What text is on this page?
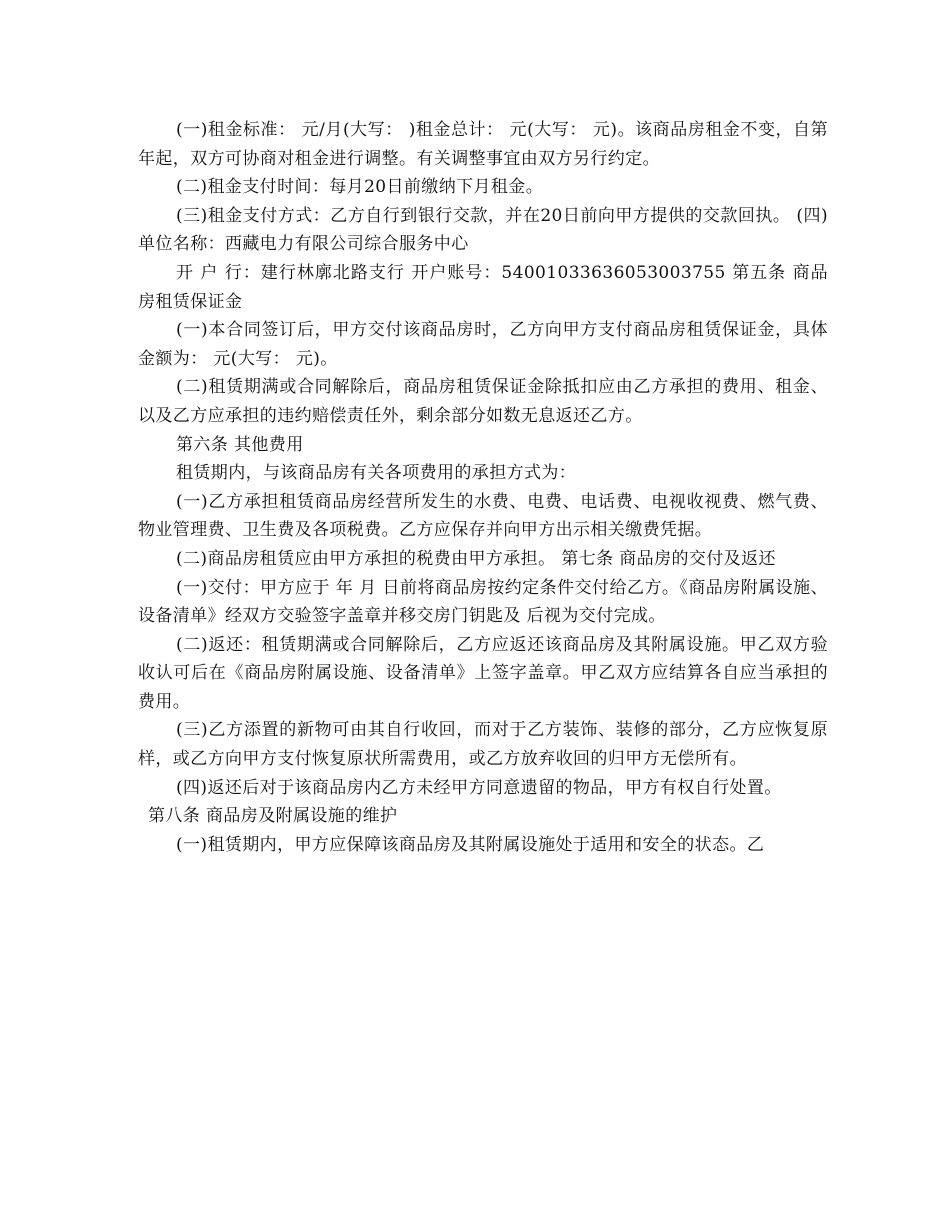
(一)租金标准： 元/月(大写： )租金总计： 元(大写： 元)。该商品房租金不变，自第 年起，双方可协商对租金进行调整。有关调整事宜由双方另行约定。

(二)租金支付时间：每月20日前缴纳下月租金。

(三)租金支付方式：乙方自行到银行交款，并在20日前向甲方提供的交款回执。 (四)单位名称：西藏电力有限公司综合服务中心

开 户 行：建行林廓北路支行 开户账号：54001033636053003755 第五条 商品房租赁保证金

(一)本合同签订后，甲方交付该商品房时，乙方向甲方支付商品房租赁保证金，具体金额为： 元(大写： 元)。

(二)租赁期满或合同解除后，商品房租赁保证金除抵扣应由乙方承担的费用、租金、以及乙方应承担的违约赔偿责任外，剩余部分如数无息返还乙方。

第六条 其他费用

租赁期内，与该商品房有关各项费用的承担方式为：

(一)乙方承担租赁商品房经营所发生的水费、电费、电话费、电视收视费、燃气费、物业管理费、卫生费及各项税费。乙方应保存并向甲方出示相关缴费凭据。

(二)商品房租赁应由甲方承担的税费由甲方承担。 第七条 商品房的交付及返还

(一)交付：甲方应于 年 月 日前将商品房按约定条件交付给乙方。《商品房附属设施、设备清单》经双方交验签字盖章并移交房门钥匙及 后视为交付完成。

(二)返还：租赁期满或合同解除后，乙方应返还该商品房及其附属设施。甲乙双方验收认可后在《商品房附属设施、设备清单》上签字盖章。甲乙双方应结算各自应当承担的费用。

(三)乙方添置的新物可由其自行收回，而对于乙方装饰、装修的部分，乙方应恢复原样，或乙方向甲方支付恢复原状所需费用，或乙方放弃收回的归甲方无偿所有。

(四)返还后对于该商品房内乙方未经甲方同意遗留的物品，甲方有权自行处置。

第八条 商品房及附属设施的维护

(一)租赁期内，甲方应保障该商品房及其附属设施处于适用和安全的状态。乙
